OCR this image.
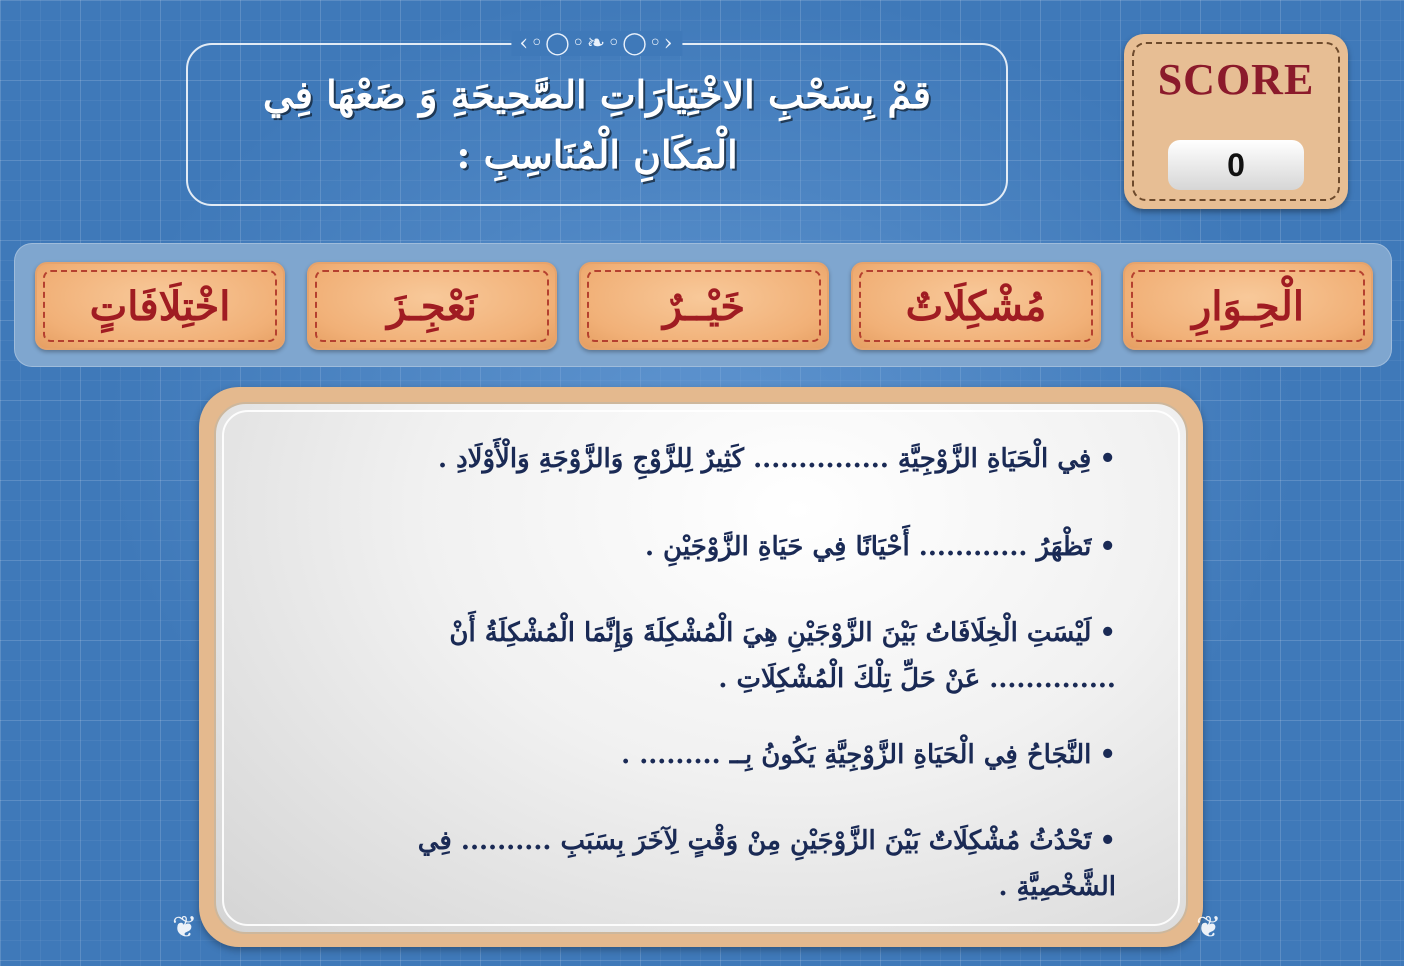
‹◦◯◦❧◦◯◦›
قمْ بِسَحْبِ الاخْتِيَارَاتِ الصَّحِيحَةِ وَ ضَعْهَا فِي الْمَكَانِ الْمُنَاسِبِ :
SCORE
0
الْحِـوَارِ
مُشْكِلَاتٌ
خَيْــرٌ
نَعْجِـزَ
اخْتِلَافَاتٍ
•فِي الْحَيَاةِ الزَّوْجِيَّةِ ............... كَثِيرٌ لِلزَّوْجِ وَالزَّوْجَةِ وَالْأَوْلَادِ .
•تَظْهَرُ ............ أَحْيَانًا فِي حَيَاةِ الزَّوْجَيْنِ .
•لَيْسَتِ الْخِلَافَاتُ بَيْنَ الزَّوْجَيْنِ هِيَ الْمُشْكِلَةَ وَإِنَّمَا الْمُشْكِلَةُ أَنْ .............. عَنْ حَلِّ تِلْكَ الْمُشْكِلَاتِ .
•النَّجَاحُ فِي الْحَيَاةِ الزَّوْجِيَّةِ يَكُونُ بِــ ......... .
•تَحْدُثُ مُشْكِلَاتٌ بَيْنَ الزَّوْجَيْنِ مِنْ وَقْتٍ لِآخَرَ بِسَبَبِ .......... فِي الشَّخْصِيَّةِ .
❦	❦
